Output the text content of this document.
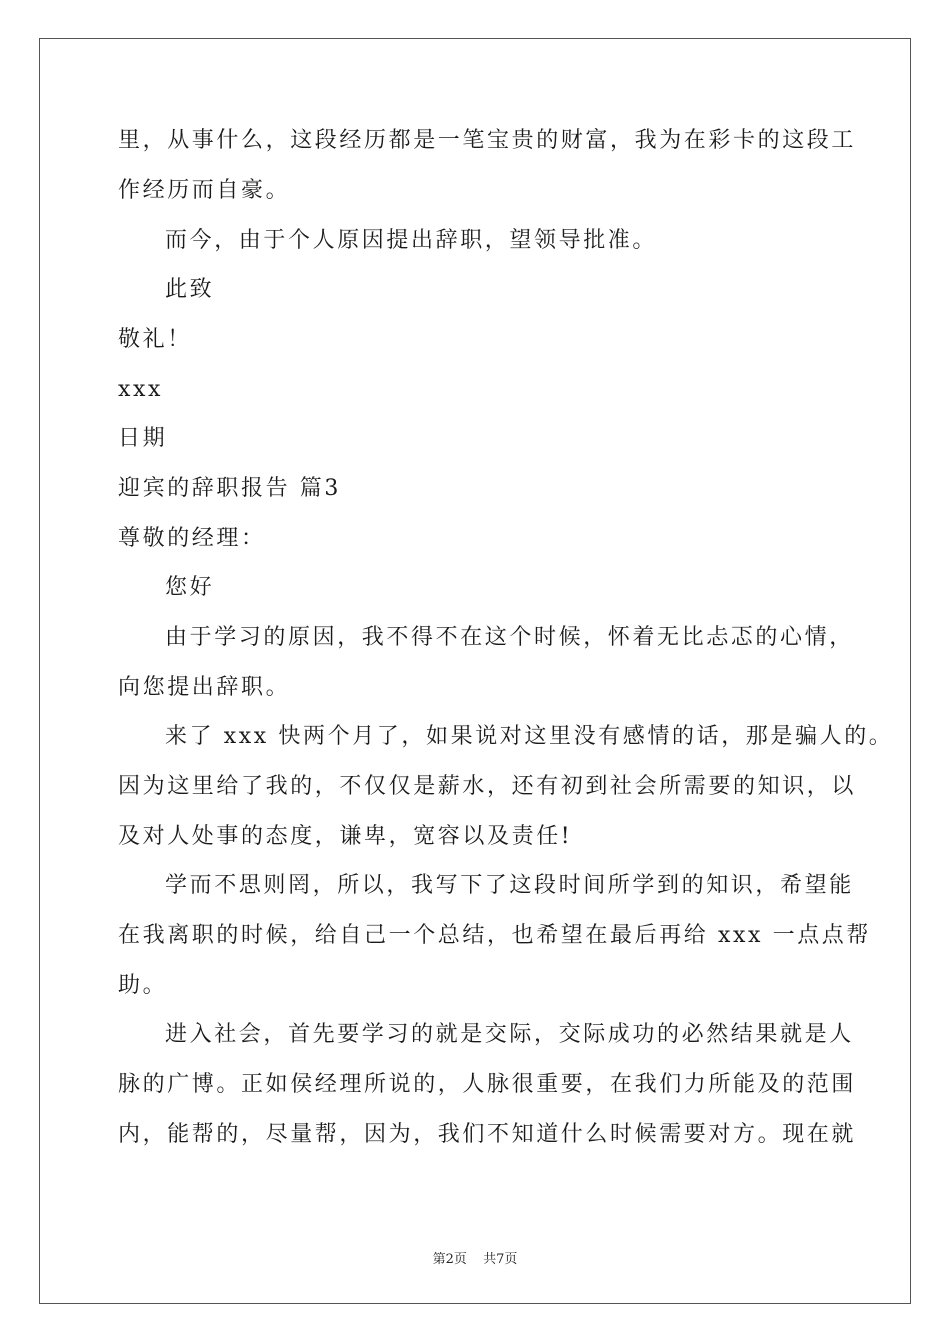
里，从事什么，这段经历都是一笔宝贵的财富，我为在彩卡的这段工
作经历而自豪。
而今，由于个人原因提出辞职，望领导批准。
此致
敬礼！
xxx
日期
迎宾的辞职报告 篇3
尊敬的经理：
您好
由于学习的原因，我不得不在这个时候，怀着无比忐忑的心情，
向您提出辞职。
来了 xxx 快两个月了，如果说对这里没有感情的话，那是骗人的。
因为这里给了我的，不仅仅是薪水，还有初到社会所需要的知识，以
及对人处事的态度，谦卑，宽容以及责任!
学而不思则罔，所以，我写下了这段时间所学到的知识，希望能
在我离职的时候，给自己一个总结，也希望在最后再给 xxx 一点点帮
助。
进入社会，首先要学习的就是交际，交际成功的必然结果就是人
脉的广博。正如侯经理所说的，人脉很重要，在我们力所能及的范围
内，能帮的，尽量帮，因为，我们不知道什么时候需要对方。现在就
第2页 共7页
